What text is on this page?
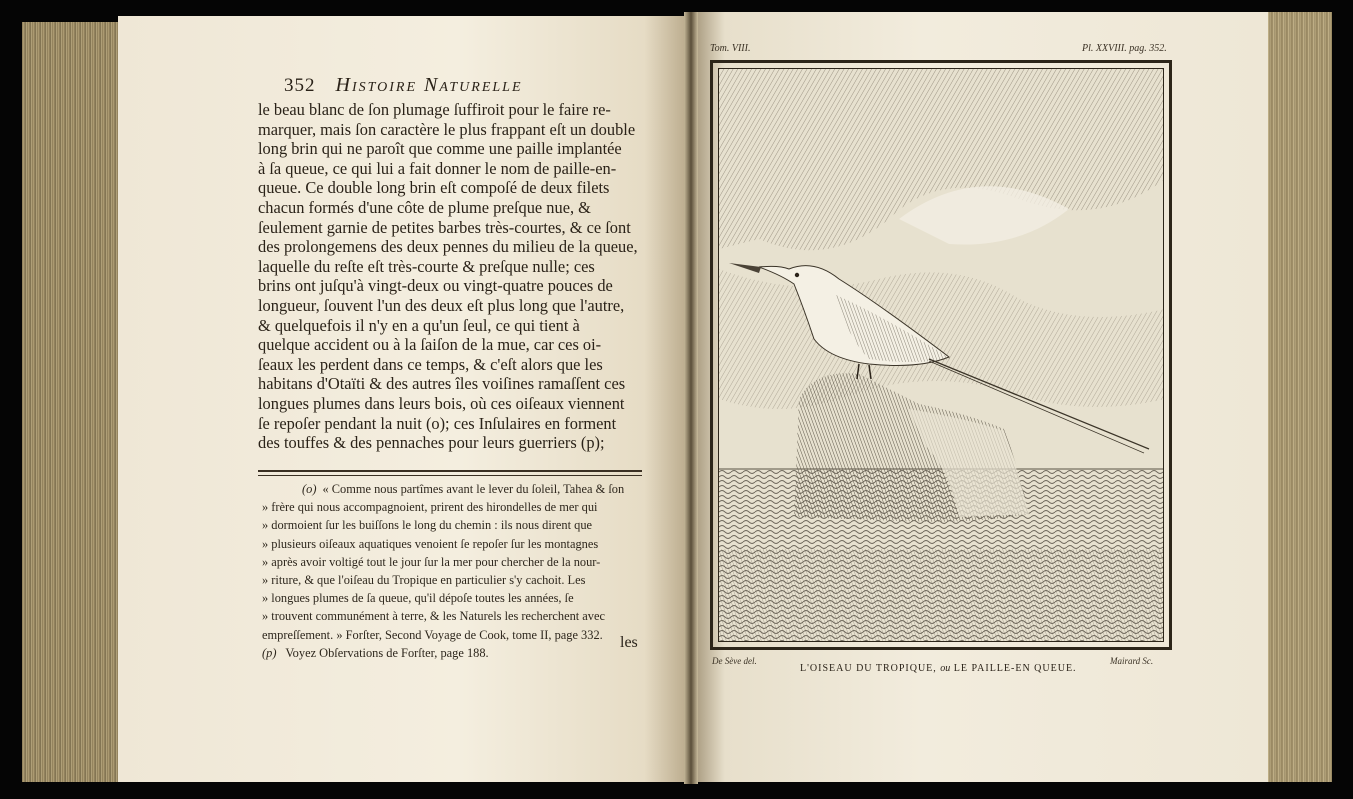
352 Histoire Naturelle

le beau blanc de ſon plumage ſuffiroit pour le faire re-

marquer, mais ſon caractère le plus frappant eſt un double

long brin qui ne paroît que comme une paille implantée

à ſa queue, ce qui lui a fait donner le nom de paille-en-

queue. Ce double long brin eſt compoſé de deux filets

chacun formés d'une côte de plume preſque nue, &

ſeulement garnie de petites barbes très-courtes, & ce ſont

des prolongemens des deux pennes du milieu de la queue,

laquelle du reſte eſt très-courte & preſque nulle; ces

brins ont juſqu'à vingt-deux ou vingt-quatre pouces de

longueur, ſouvent l'un des deux eſt plus long que l'autre,

& quelquefois il n'y en a qu'un ſeul, ce qui tient à

quelque accident ou à la ſaiſon de la mue, car ces oi-

ſeaux les perdent dans ce temps, & c'eſt alors que les

habitans d'Otaïti & des autres îles voiſines ramaſſent ces

longues plumes dans leurs bois, où ces oiſeaux viennent

ſe repoſer pendant la nuit (o); ces Inſulaires en forment

des touffes & des pennaches pour leurs guerriers (p);

(o) « Comme nous partîmes avant le lever du ſoleil, Tahea & ſon

» frère qui nous accompagnoient, prirent des hirondelles de mer qui

» dormoient ſur les buiſſons le long du chemin : ils nous dirent que

» plusieurs oiſeaux aquatiques venoient ſe repoſer ſur les montagnes

» après avoir voltigé tout le jour ſur la mer pour chercher de la nour-

» riture, & que l'oiſeau du Tropique en particulier s'y cachoit. Les

» longues plumes de ſa queue, qu'il dépoſe toutes les années, ſe

» trouvent communément à terre, & les Naturels les recherchent avec

empreſſement. » Forſter, Second Voyage de Cook, tome II, page 332.

(p) Voyez Obſervations de Forſter, page 188.

les
Tom. VIII.	Pl. XXVIII. pag. 352.
De Sève del.	Mairard Sc.
L'OISEAU DU TROPIQUE, ou LE PAILLE-EN QUEUE.
